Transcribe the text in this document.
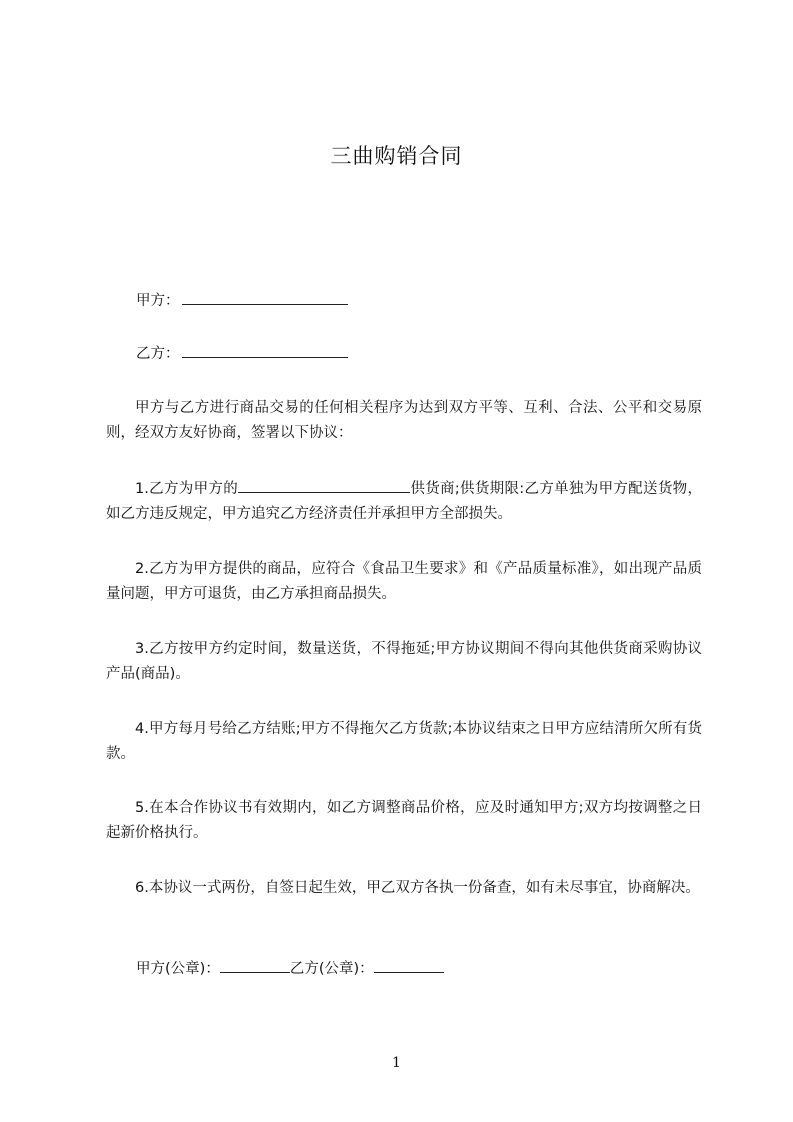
三曲购销合同
甲方：
乙方：
甲方与乙方进行商品交易的任何相关程序为达到双方平等、互利、合法、公平和交易原则，经双方友好协商，签署以下协议：
1.乙方为甲方的	供货商;供货期限:乙方单独为甲方配送货物，如乙方违反规定，甲方追究乙方经济责任并承担甲方全部损失。
2.乙方为甲方提供的商品，应符合《食品卫生要求》和《产品质量标准》，如出现产品质量问题，甲方可退货，由乙方承担商品损失。
3.乙方按甲方约定时间，数量送货，不得拖延;甲方协议期间不得向其他供货商采购协议产品(商品)。
4.甲方每月号给乙方结账;甲方不得拖欠乙方货款;本协议结束之日甲方应结清所欠所有货款。
5.在本合作协议书有效期内，如乙方调整商品价格，应及时通知甲方;双方均按调整之日起新价格执行。
6.本协议一式两份，自签日起生效，甲乙双方各执一份备查，如有未尽事宜，协商解决。
甲方(公章)：	乙方(公章)：
1
